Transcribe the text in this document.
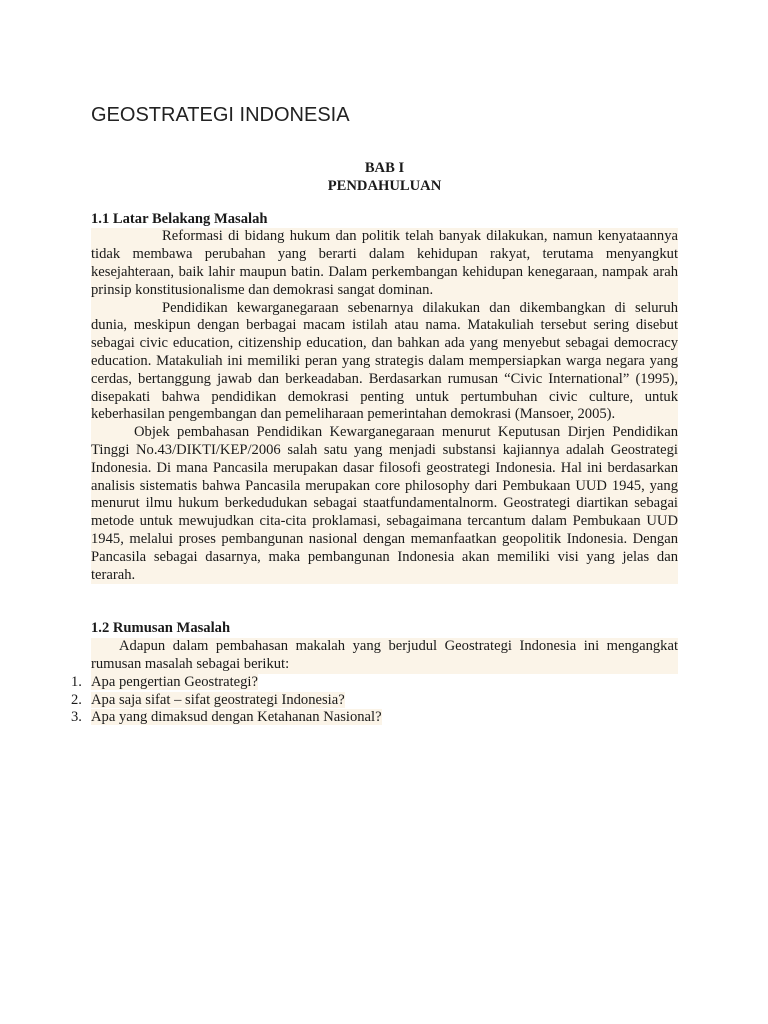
GEOSTRATEGI INDONESIA

BAB I

PENDAHULUAN

1.1 Latar Belakang Masalah

Reformasi di bidang hukum dan politik telah banyak dilakukan, namun kenyataannya tidak membawa perubahan yang berarti dalam kehidupan rakyat, terutama menyangkut kesejahteraan, baik lahir maupun batin. Dalam perkembangan kehidupan kenegaraan, nampak arah prinsip konstitusionalisme dan demokrasi sangat dominan.

Pendidikan kewarganegaraan sebenarnya dilakukan dan dikembangkan di seluruh dunia, meskipun dengan berbagai macam istilah atau nama. Matakuliah tersebut sering disebut sebagai civic education, citizenship education, dan bahkan ada yang menyebut sebagai democracy education. Matakuliah ini memiliki peran yang strategis dalam mempersiapkan warga negara yang cerdas, bertanggung jawab dan berkeadaban. Berdasarkan rumusan “Civic International” (1995), disepakati bahwa pendidikan demokrasi penting untuk pertumbuhan civic culture, untuk keberhasilan pengembangan dan pemeliharaan pemerintahan demokrasi (Mansoer, 2005).

Objek pembahasan Pendidikan Kewarganegaraan menurut Keputusan Dirjen Pendidikan Tinggi No.43/DIKTI/KEP/2006 salah satu yang menjadi substansi kajiannya adalah Geostrategi Indonesia. Di mana Pancasila merupakan dasar filosofi geostrategi Indonesia. Hal ini berdasarkan analisis sistematis bahwa Pancasila merupakan core philosophy dari Pembukaan UUD 1945, yang menurut ilmu hukum berkedudukan sebagai staatfundamentalnorm. Geostrategi diartikan sebagai metode untuk mewujudkan cita-cita proklamasi, sebagaimana tercantum dalam Pembukaan UUD 1945, melalui proses pembangunan nasional dengan memanfaatkan geopolitik Indonesia. Dengan Pancasila sebagai dasarnya, maka pembangunan Indonesia akan memiliki visi yang jelas dan terarah.

1.2 Rumusan Masalah

Adapun dalam pembahasan makalah yang berjudul Geostrategi Indonesia ini mengangkat rumusan masalah sebagai berikut:

1. Apa pengertian Geostrategi?
2. Apa saja sifat – sifat geostrategi Indonesia?
3. Apa yang dimaksud dengan Ketahanan Nasional?
